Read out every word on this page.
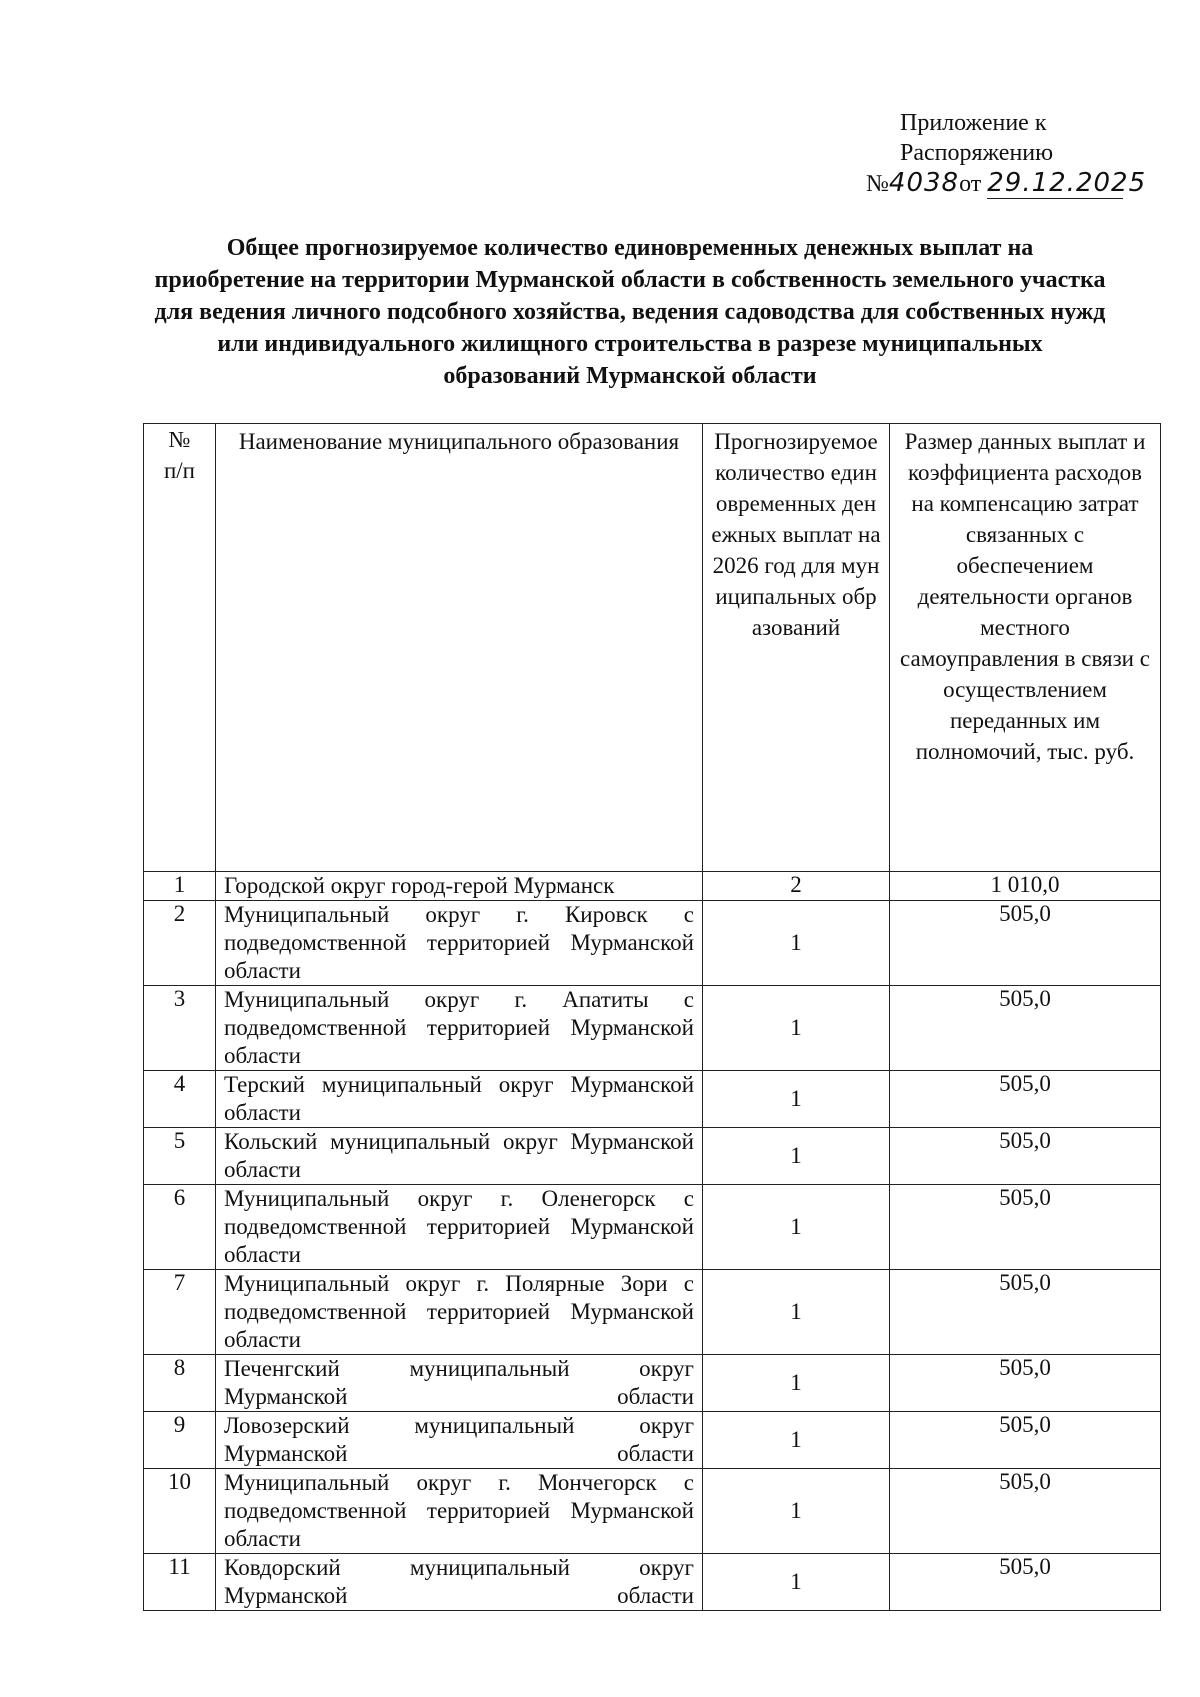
Приложение к
Распоряжению
№4038от 29.12.2025
Общее прогнозируемое количество единовременных денежных выплат на приобретение на территории Мурманской области в собственность земельного участка для ведения личного подсобного хозяйства, ведения садоводства для собственных нужд или индивидуального жилищного строительства в разрезе муниципальных образований Мурманской области
№ п/п	Наименование муниципального образования	Прогнозируемое количество единовременных денежных выплат на 2026 год для муниципальных образований	Размер данных выплат и коэффициента расходов на компенсацию затрат связанных с обеспечением деятельности органов местного самоуправления в связи с осуществлением переданных им полномочий, тыс. руб.

1	Городской округ город-герой Мурманск	2	1 010,0
2	Муниципальный округ г. Кировск с подведомственной территорией Мурманской области	1	505,0
3	Муниципальный округ г. Апатиты с подведомственной территорией Мурманской области	1	505,0
4	Терский муниципальный округ Мурманской области	1	505,0
5	Кольский муниципальный округ Мурманской области	1	505,0
6	Муниципальный округ г. Оленегорск с подведомственной территорией Мурманской области	1	505,0
7	Муниципальный округ г. Полярные Зори с подведомственной территорией Мурманской области	1	505,0
8	Печенгский муниципальный округ Мурманской области	1	505,0
9	Ловозерский муниципальный округ Мурманской области	1	505,0
10	Муниципальный округ г. Мончегорск с подведомственной территорией Мурманской области	1	505,0
11	Ковдорский муниципальный округ Мурманской области	1	505,0
